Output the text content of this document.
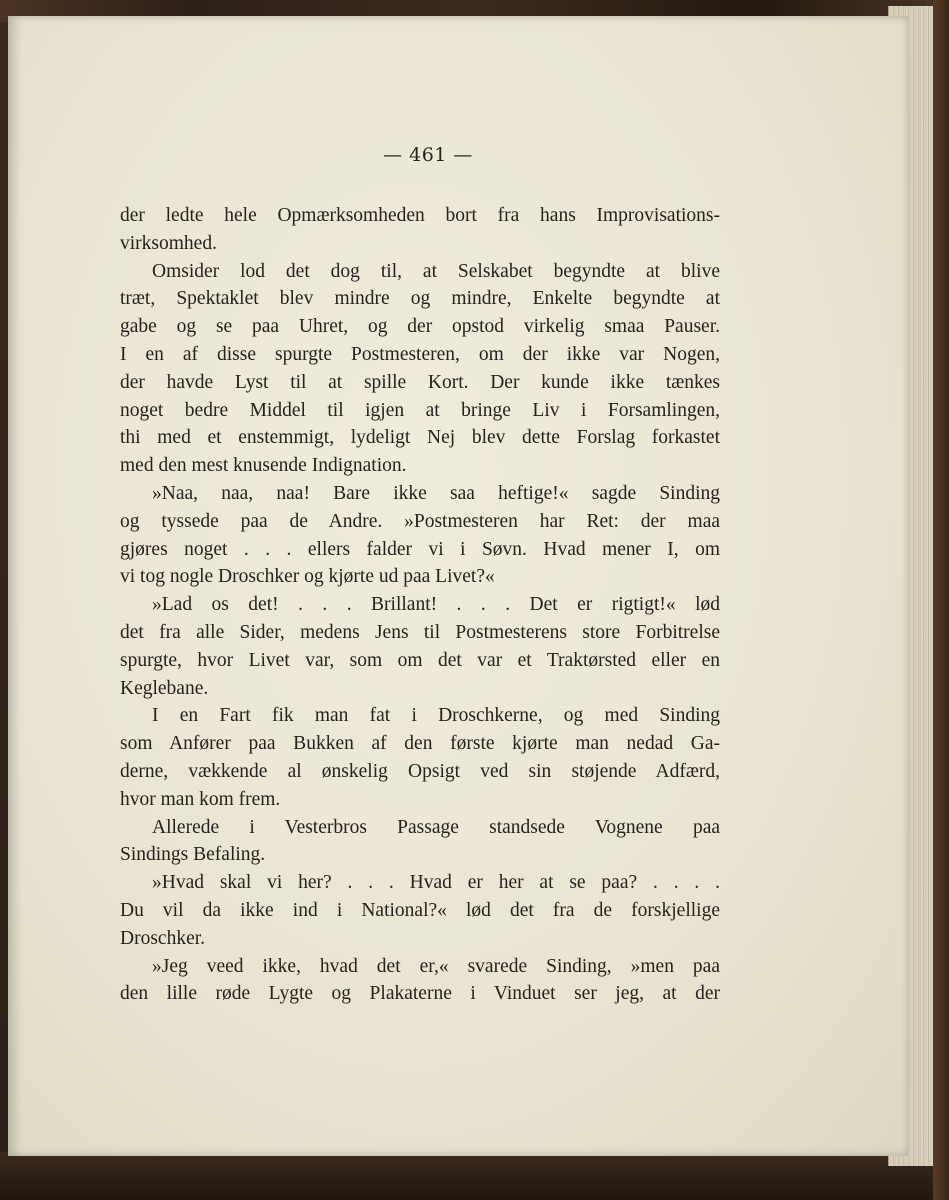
— 461 —
der ledte hele Opmærksomheden bort fra hans Improvisations-
virksomhed.
Omsider lod det dog til, at Selskabet begyndte at blive
træt, Spektaklet blev mindre og mindre, Enkelte begyndte at
gabe og se paa Uhret, og der opstod virkelig smaa Pauser.
I en af disse spurgte Postmesteren, om der ikke var Nogen,
der havde Lyst til at spille Kort. Der kunde ikke tænkes
noget bedre Middel til igjen at bringe Liv i Forsamlingen,
thi med et enstemmigt, lydeligt Nej blev dette Forslag forkastet
med den mest knusende Indignation.
»Naa, naa, naa! Bare ikke saa heftige!« sagde Sinding
og tyssede paa de Andre. »Postmesteren har Ret: der maa
gjøres noget . . . ellers falder vi i Søvn. Hvad mener I, om
vi tog nogle Droschker og kjørte ud paa Livet?«
»Lad os det! . . . Brillant! . . . Det er rigtigt!« lød
det fra alle Sider, medens Jens til Postmesterens store Forbitrelse
spurgte, hvor Livet var, som om det var et Traktørsted eller en
Keglebane.
I en Fart fik man fat i Droschkerne, og med Sinding
som Anfører paa Bukken af den første kjørte man nedad Ga-
derne, vækkende al ønskelig Opsigt ved sin støjende Adfærd,
hvor man kom frem.
Allerede i Vesterbros Passage standsede Vognene paa
Sindings Befaling.
»Hvad skal vi her? . . . Hvad er her at se paa? . . . .
Du vil da ikke ind i National?« lød det fra de forskjellige
Droschker.
»Jeg veed ikke, hvad det er,« svarede Sinding, »men paa
den lille røde Lygte og Plakaterne i Vinduet ser jeg, at der
